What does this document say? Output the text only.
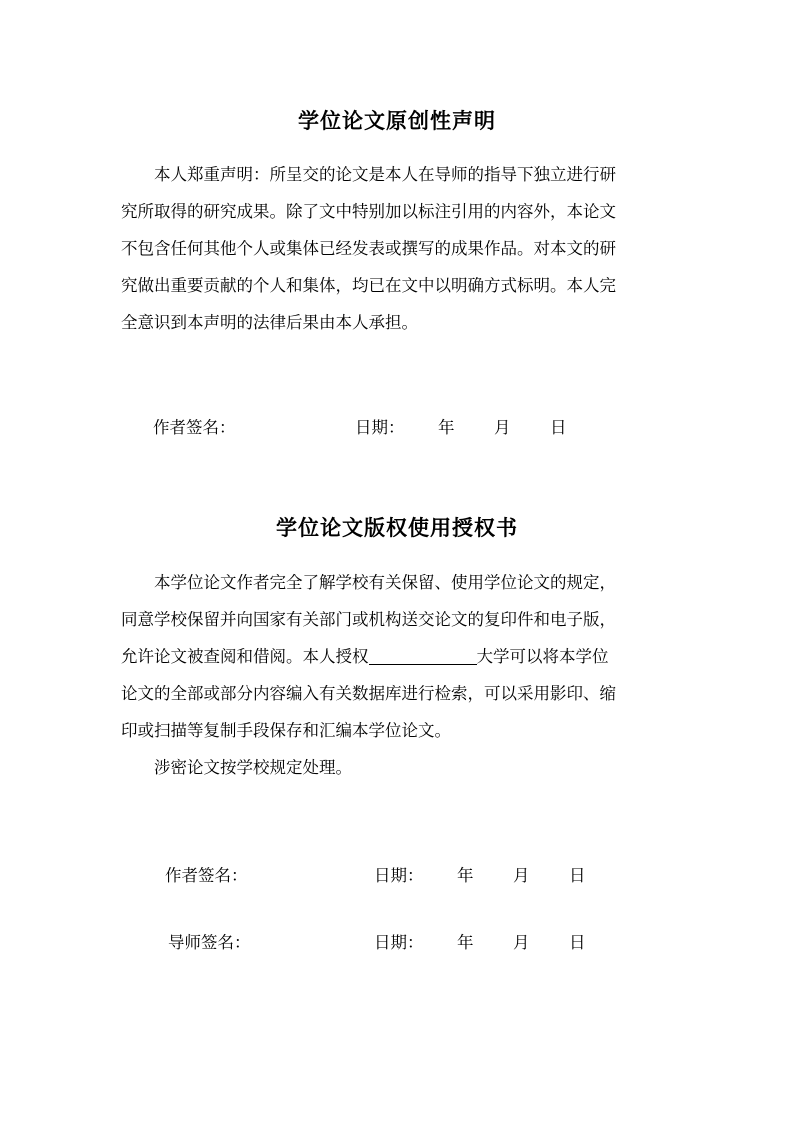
学位论文原创性声明
本人郑重声明：所呈交的论文是本人在导师的指导下独立进行研
究所取得的研究成果。除了文中特别加以标注引用的内容外，本论文
不包含任何其他个人或集体已经发表或撰写的成果作品。对本文的研
究做出重要贡献的个人和集体，均已在文中以明确方式标明。本人完
全意识到本声明的法律后果由本人承担。
作者签名：	日期： 年 月 日
学位论文版权使用授权书
本学位论文作者完全了解学校有关保留、使用学位论文的规定，
同意学校保留并向国家有关部门或机构送交论文的复印件和电子版，
允许论文被查阅和借阅。本人授权	大学可以将本学位
论文的全部或部分内容编入有关数据库进行检索，可以采用影印、缩
印或扫描等复制手段保存和汇编本学位论文。
涉密论文按学校规定处理。
作者签名：	日期： 年 月 日
导师签名：	日期： 年 月 日
